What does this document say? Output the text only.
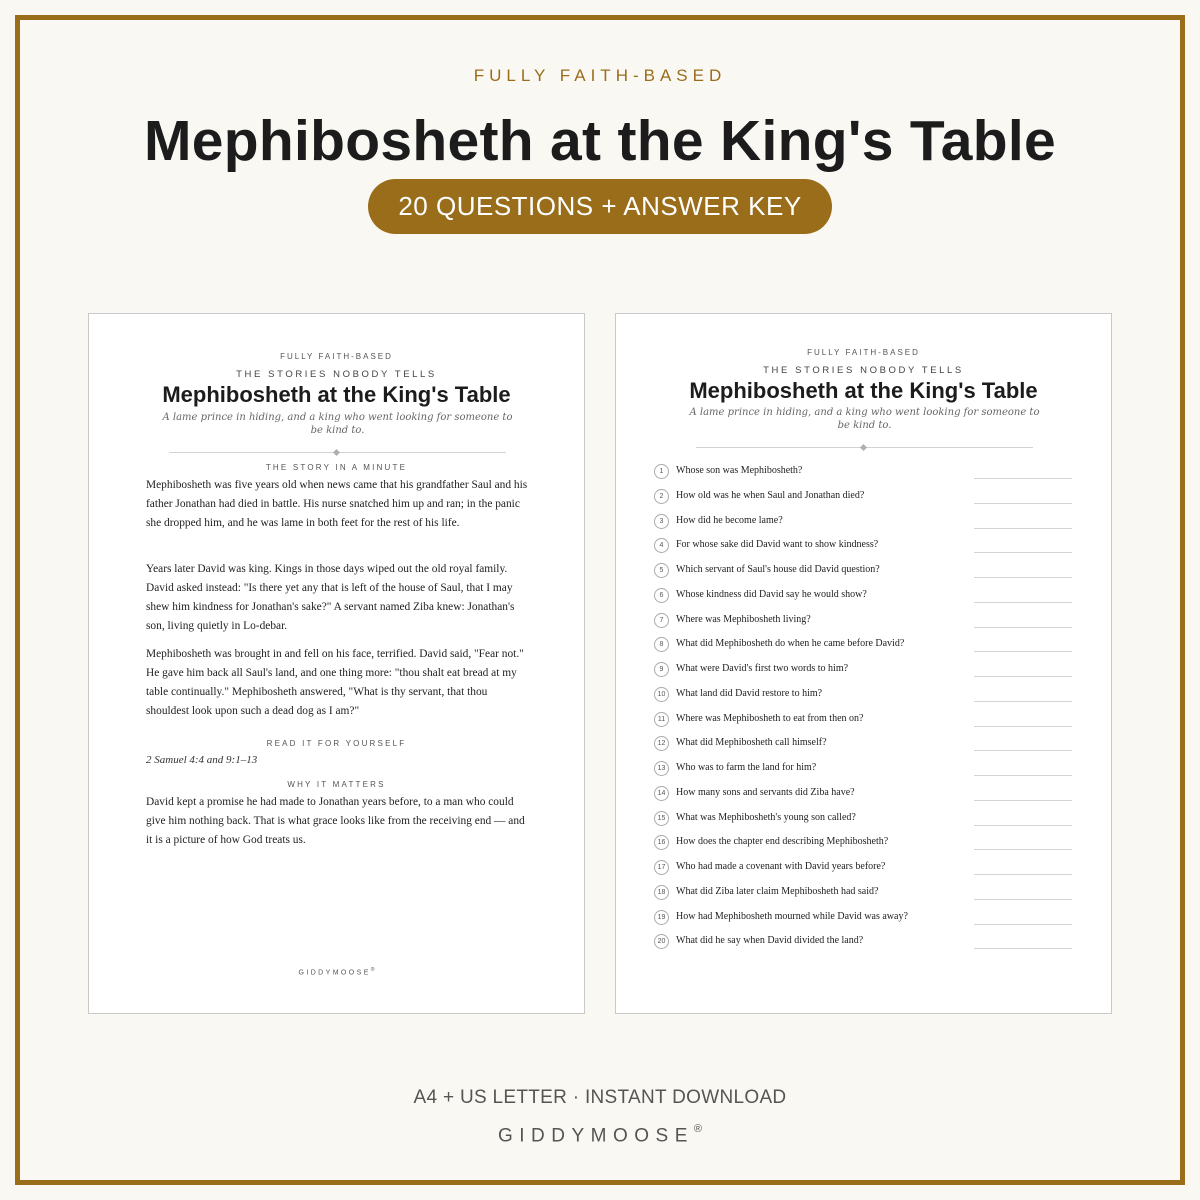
FULLY FAITH-BASED
Mephibosheth at the King's Table
20 QUESTIONS + ANSWER KEY
FULLY FAITH-BASED
THE STORIES NOBODY TELLS
Mephibosheth at the King's Table
A lame prince in hiding, and a king who went looking for someone to be kind to.
THE STORY IN A MINUTE
Mephibosheth was five years old when news came that his grandfather Saul and his father Jonathan had died in battle. His nurse snatched him up and ran; in the panic she dropped him, and he was lame in both feet for the rest of his life.
Years later David was king. Kings in those days wiped out the old royal family. David asked instead: "Is there yet any that is left of the house of Saul, that I may shew him kindness for Jonathan's sake?" A servant named Ziba knew: Jonathan's son, living quietly in Lo-debar.
Mephibosheth was brought in and fell on his face, terrified. David said, "Fear not." He gave him back all Saul's land, and one thing more: "thou shalt eat bread at my table continually." Mephibosheth answered, "What is thy servant, that thou shouldest look upon such a dead dog as I am?"
READ IT FOR YOURSELF
2 Samuel 4:4 and 9:1–13
WHY IT MATTERS
David kept a promise he had made to Jonathan years before, to a man who could give him nothing back. That is what grace looks like from the receiving end — and it is a picture of how God treats us.
GIDDYMOOSE®
FULLY FAITH-BASED
THE STORIES NOBODY TELLS
Mephibosheth at the King's Table
A lame prince in hiding, and a king who went looking for someone to be kind to.
1	Whose son was Mephibosheth?
2	How old was he when Saul and Jonathan died?
3	How did he become lame?
4	For whose sake did David want to show kindness?
5	Which servant of Saul's house did David question?
6	Whose kindness did David say he would show?
7	Where was Mephibosheth living?
8	What did Mephibosheth do when he came before David?
9	What were David's first two words to him?
10	What land did David restore to him?
11	Where was Mephibosheth to eat from then on?
12	What did Mephibosheth call himself?
13	Who was to farm the land for him?
14	How many sons and servants did Ziba have?
15	What was Mephibosheth's young son called?
16	How does the chapter end describing Mephibosheth?
17	Who had made a covenant with David years before?
18	What did Ziba later claim Mephibosheth had said?
19	How had Mephibosheth mourned while David was away?
20	What did he say when David divided the land?
A4 + US LETTER · INSTANT DOWNLOAD
GIDDYMOOSE®
